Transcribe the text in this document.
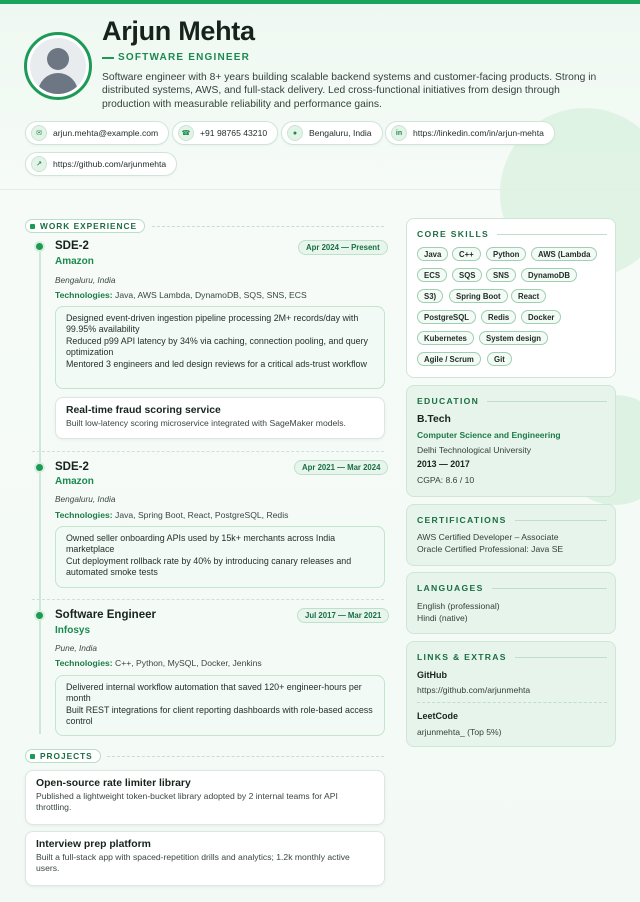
Arjun Mehta
SOFTWARE ENGINEER
Software engineer with 8+ years building scalable backend systems and customer-facing products. Strong in distributed systems, AWS, and full-stack delivery. Led cross-functional initiatives from design through production with measurable reliability and performance gains.
✉	arjun.mehta@example.com	☎	+91 98765 43210	●	Bengaluru, India	in	https://linkedin.com/in/arjun-mehta
↗	https://github.com/arjunmehta
WORK EXPERIENCE
SDE-2	Apr 2024 — Present
Amazon
Bengaluru, India
Technologies: Java, AWS Lambda, DynamoDB, SQS, SNS, ECS
Designed event-driven ingestion pipeline processing 2M+ records/day with 99.95% availability
Reduced p99 API latency by 34% via caching, connection pooling, and query optimization
Mentored 3 engineers and led design reviews for a critical ads-trust workflow
Real-time fraud scoring service
Built low-latency scoring microservice integrated with SageMaker models.
SDE-2	Apr 2021 — Mar 2024
Amazon
Bengaluru, India
Technologies: Java, Spring Boot, React, PostgreSQL, Redis
Owned seller onboarding APIs used by 15k+ merchants across India marketplace
Cut deployment rollback rate by 40% by introducing canary releases and automated smoke tests
Software Engineer	Jul 2017 — Mar 2021
Infosys
Pune, India
Technologies: C++, Python, MySQL, Docker, Jenkins
Delivered internal workflow automation that saved 120+ engineer-hours per month
Built REST integrations for client reporting dashboards with role-based access control
PROJECTS
Open-source rate limiter library
Published a lightweight token-bucket library adopted by 2 internal teams for API throttling.
Interview prep platform
Built a full-stack app with spaced-repetition drills and analytics; 1.2k monthly active users.
CORE SKILLS
Java	C++	Python	AWS (Lambda
ECS	SQS	SNS	DynamoDB
S3)	Spring Boot	React
PostgreSQL	Redis	Docker
Kubernetes	System design
Agile / Scrum	Git
EDUCATION
B.Tech
Computer Science and Engineering
Delhi Technological University
2013 — 2017
CGPA: 8.6 / 10
CERTIFICATIONS
AWS Certified Developer – Associate
Oracle Certified Professional: Java SE
LANGUAGES
English (professional)
Hindi (native)
LINKS & EXTRAS
GitHub
https://github.com/arjunmehta
LeetCode
arjunmehta_ (Top 5%)
